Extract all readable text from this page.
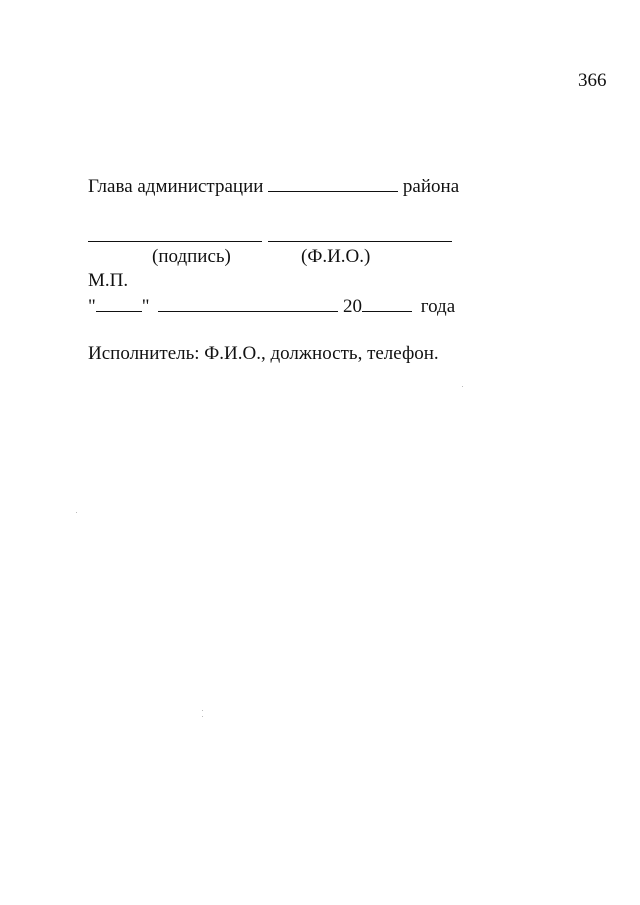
366
Глава администрации	района
(подпись)	(Ф.И.О.)
М.П.
" "	20	года
Исполнитель: Ф.И.О., должность, телефон.
